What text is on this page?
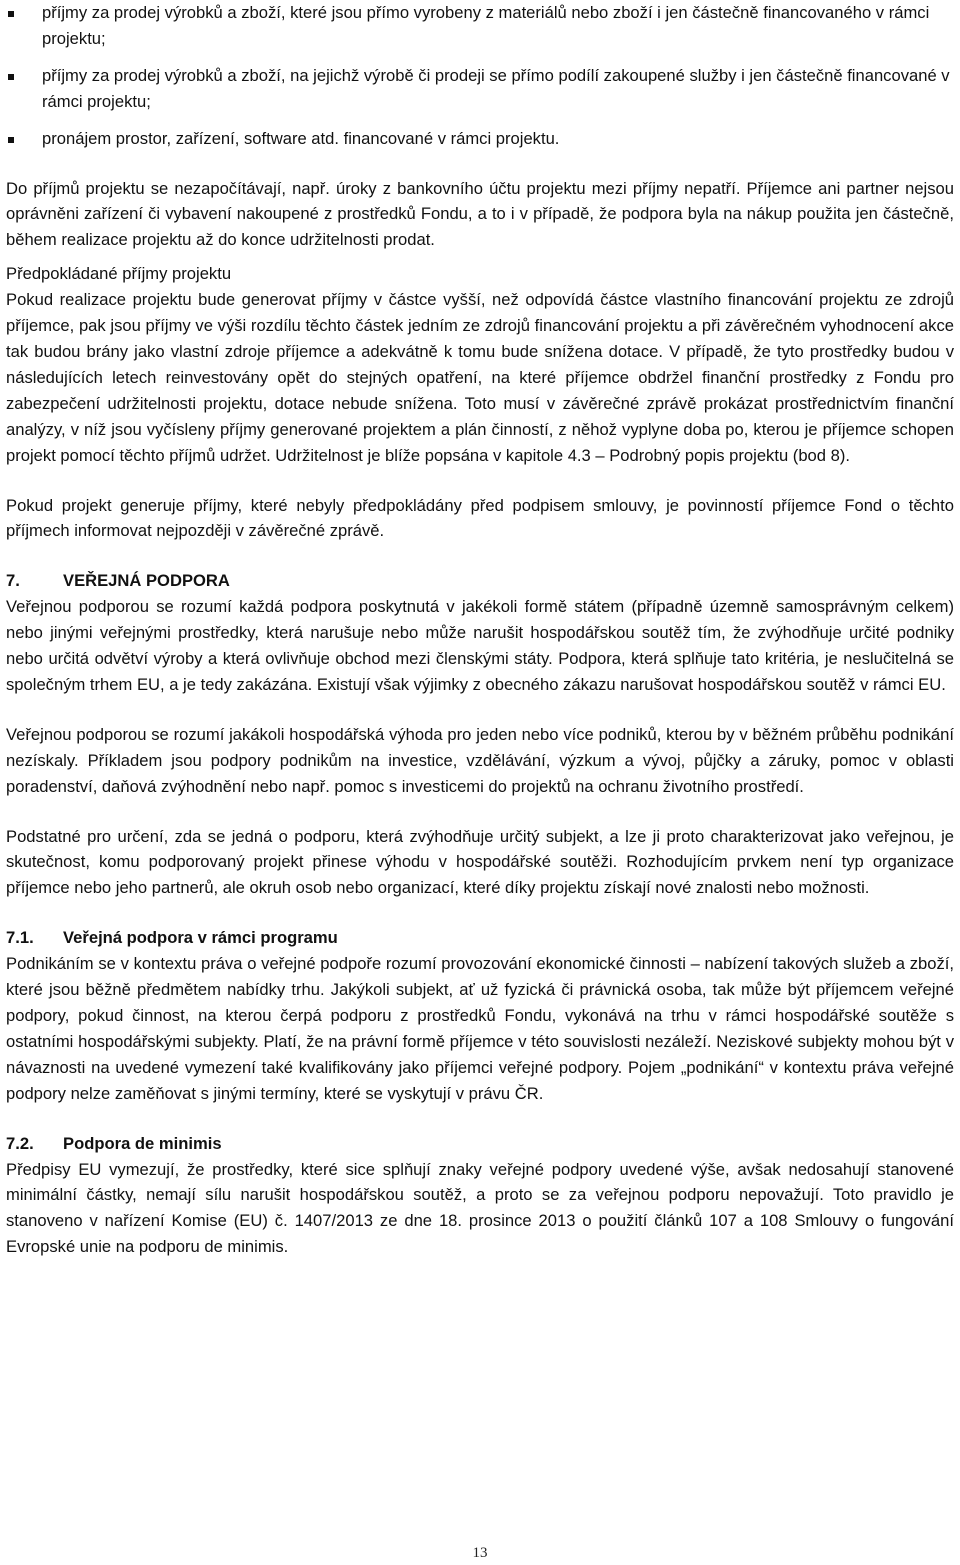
příjmy za prodej výrobků a zboží, které jsou přímo vyrobeny z materiálů nebo zboží i jen částečně financovaného v rámci projektu;
příjmy za prodej výrobků a zboží, na jejichž výrobě či prodeji se přímo podílí zakoupené služby i jen částečně financované v rámci projektu;
pronájem prostor, zařízení, software atd. financované v rámci projektu.

Do příjmů projektu se nezapočítávají, např. úroky z bankovního účtu projektu mezi příjmy nepatří. Příjemce ani partner nejsou oprávněni zařízení či vybavení nakoupené z prostředků Fondu, a to i v případě, že podpora byla na nákup použita jen částečně, během realizace projektu až do konce udržitelnosti prodat.

Předpokládané příjmy projektu

Pokud realizace projektu bude generovat příjmy v částce vyšší, než odpovídá částce vlastního financování projektu ze zdrojů příjemce, pak jsou příjmy ve výši rozdílu těchto částek jedním ze zdrojů financování projektu a při závěrečném vyhodnocení akce tak budou brány jako vlastní zdroje příjemce a adekvátně k tomu bude snížena dotace. V případě, že tyto prostředky budou v následujících letech reinvestovány opět do stejných opatření, na které příjemce obdržel finanční prostředky z Fondu pro zabezpečení udržitelnosti projektu, dotace nebude snížena. Toto musí v závěrečné zprávě prokázat prostřednictvím finanční analýzy, v níž jsou vyčísleny příjmy generované projektem a plán činností, z něhož vyplyne doba po, kterou je příjemce schopen projekt pomocí těchto příjmů udržet. Udržitelnost je blíže popsána v kapitole 4.3 – Podrobný popis projektu (bod 8).

Pokud projekt generuje příjmy, které nebyly předpokládány před podpisem smlouvy, je povinností příjemce Fond o těchto příjmech informovat nejpozději v závěrečné zprávě.

7.	VEŘEJNÁ PODPORA

Veřejnou podporou se rozumí každá podpora poskytnutá v jakékoli formě státem (případně územně samosprávným celkem) nebo jinými veřejnými prostředky, která narušuje nebo může narušit hospodářskou soutěž tím, že zvýhodňuje určité podniky nebo určitá odvětví výroby a která ovlivňuje obchod mezi členskými státy. Podpora, která splňuje tato kritéria, je neslučitelná se společným trhem EU, a je tedy zakázána. Existují však výjimky z obecného zákazu narušovat hospodářskou soutěž v rámci EU.

Veřejnou podporou se rozumí jakákoli hospodářská výhoda pro jeden nebo více podniků, kterou by v běžném průběhu podnikání nezískaly. Příkladem jsou podpory podnikům na investice, vzdělávání, výzkum a vývoj, půjčky a záruky, pomoc v oblasti poradenství, daňová zvýhodnění nebo např. pomoc s investicemi do projektů na ochranu životního prostředí.

Podstatné pro určení, zda se jedná o podporu, která zvýhodňuje určitý subjekt, a lze ji proto charakterizovat jako veřejnou, je skutečnost, komu podporovaný projekt přinese výhodu v hospodářské soutěži. Rozhodujícím prvkem není typ organizace příjemce nebo jeho partnerů, ale okruh osob nebo organizací, které díky projektu získají nové znalosti nebo možnosti.

7.1.	Veřejná podpora v rámci programu

Podnikáním se v kontextu práva o veřejné podpoře rozumí provozování ekonomické činnosti – nabízení takových služeb a zboží, které jsou běžně předmětem nabídky trhu. Jakýkoli subjekt, ať už fyzická či právnická osoba, tak může být příjemcem veřejné podpory, pokud činnost, na kterou čerpá podporu z prostředků Fondu, vykonává na trhu v rámci hospodářské soutěže s ostatními hospodářskými subjekty. Platí, že na právní formě příjemce v této souvislosti nezáleží. Neziskové subjekty mohou být v návaznosti na uvedené vymezení také kvalifikovány jako příjemci veřejné podpory. Pojem „podnikání“ v kontextu práva veřejné podpory nelze zaměňovat s jinými termíny, které se vyskytují v právu ČR.

7.2.	Podpora de minimis

Předpisy EU vymezují, že prostředky, které sice splňují znaky veřejné podpory uvedené výše, avšak nedosahují stanovené minimální částky, nemají sílu narušit hospodářskou soutěž, a proto se za veřejnou podporu nepovažují. Toto pravidlo je stanoveno v nařízení Komise (EU) č. 1407/2013 ze dne 18. prosince 2013 o použití článků 107 a 108 Smlouvy o fungování Evropské unie na podporu de minimis.

13
